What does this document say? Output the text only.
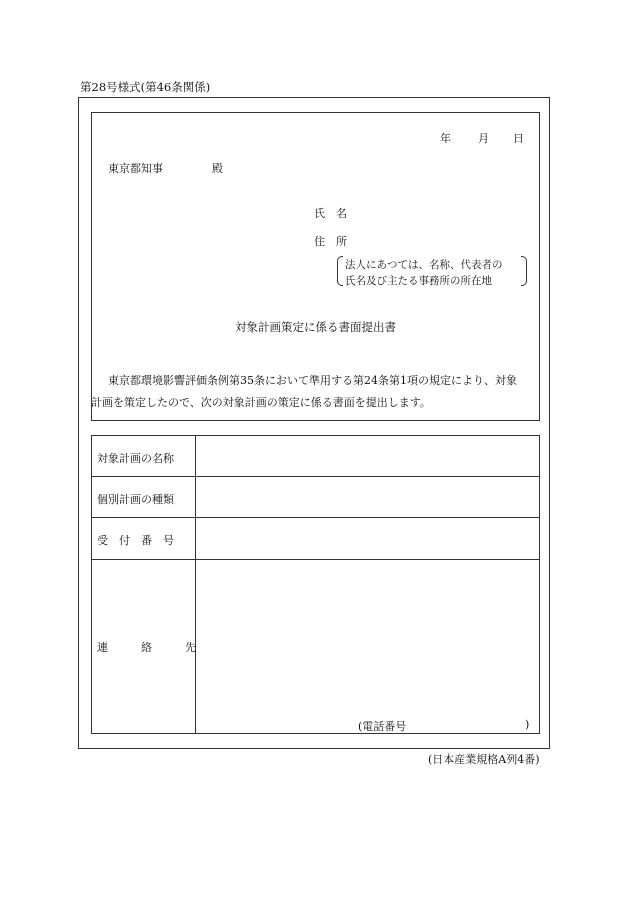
第28号様式(第46条関係)
年 月 日
東京都知事	殿
氏 名
住 所
法人にあつては、名称、代表者の
氏名及び主たる事務所の所在地
対象計画策定に係る書面提出書
東京都環境影響評価条例第35条において準用する第24条第1項の規定により、対象
計画を策定したので、次の対象計画の策定に係る書面を提出します。
対象計画の名称
個別計画の種類
受　付　番　号
連　　　絡　　　先
(電話番号	)
(日本産業規格A列4番)
